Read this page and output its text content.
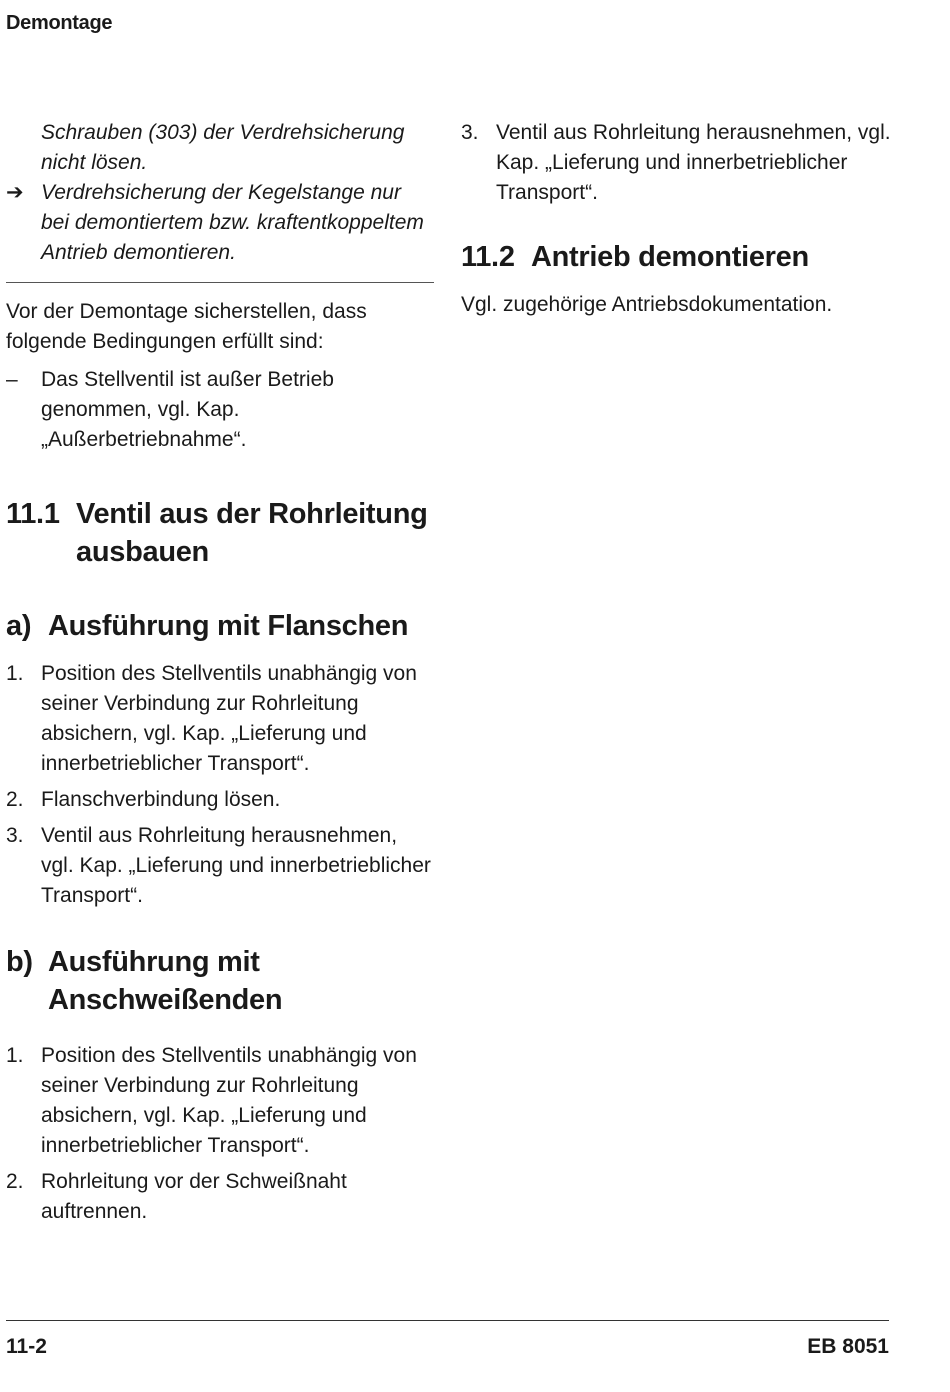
Demontage

Schrauben (303) der Verdrehsicherung

nicht lösen.

➔ Verdrehsicherung der Kegelstange nur bei demontiertem bzw. kraftentkoppeltem Antrieb demontieren.

Vor der Demontage sicherstellen, dass folgende Bedingungen erfüllt sind:

–	Das Stellventil ist außer Betrieb genommen, vgl. Kap. „Außerbetriebnahme“.
11.1 Ventil aus der Rohrleitung ausbauen
a) Ausführung mit Flanschen
1. Position des Stellventils unabhängig von seiner Verbindung zur Rohrleitung absichern, vgl. Kap. „Lieferung und innerbetrieblicher Transport“.
2. Flanschverbindung lösen.
3. Ventil aus Rohrleitung herausnehmen, vgl. Kap. „Lieferung und innerbetrieblicher Transport“.
b) Ausführung mit Anschweißenden
1. Position des Stellventils unabhängig von seiner Verbindung zur Rohrleitung absichern, vgl. Kap. „Lieferung und innerbetrieblicher Transport“.
2. Rohrleitung vor der Schweißnaht auftrennen.
3. Ventil aus Rohrleitung herausnehmen, vgl. Kap. „Lieferung und innerbetrieblicher Transport“.
11.2 Antrieb demontieren

Vgl. zugehörige Antriebsdokumentation.

11-2	EB 8051
